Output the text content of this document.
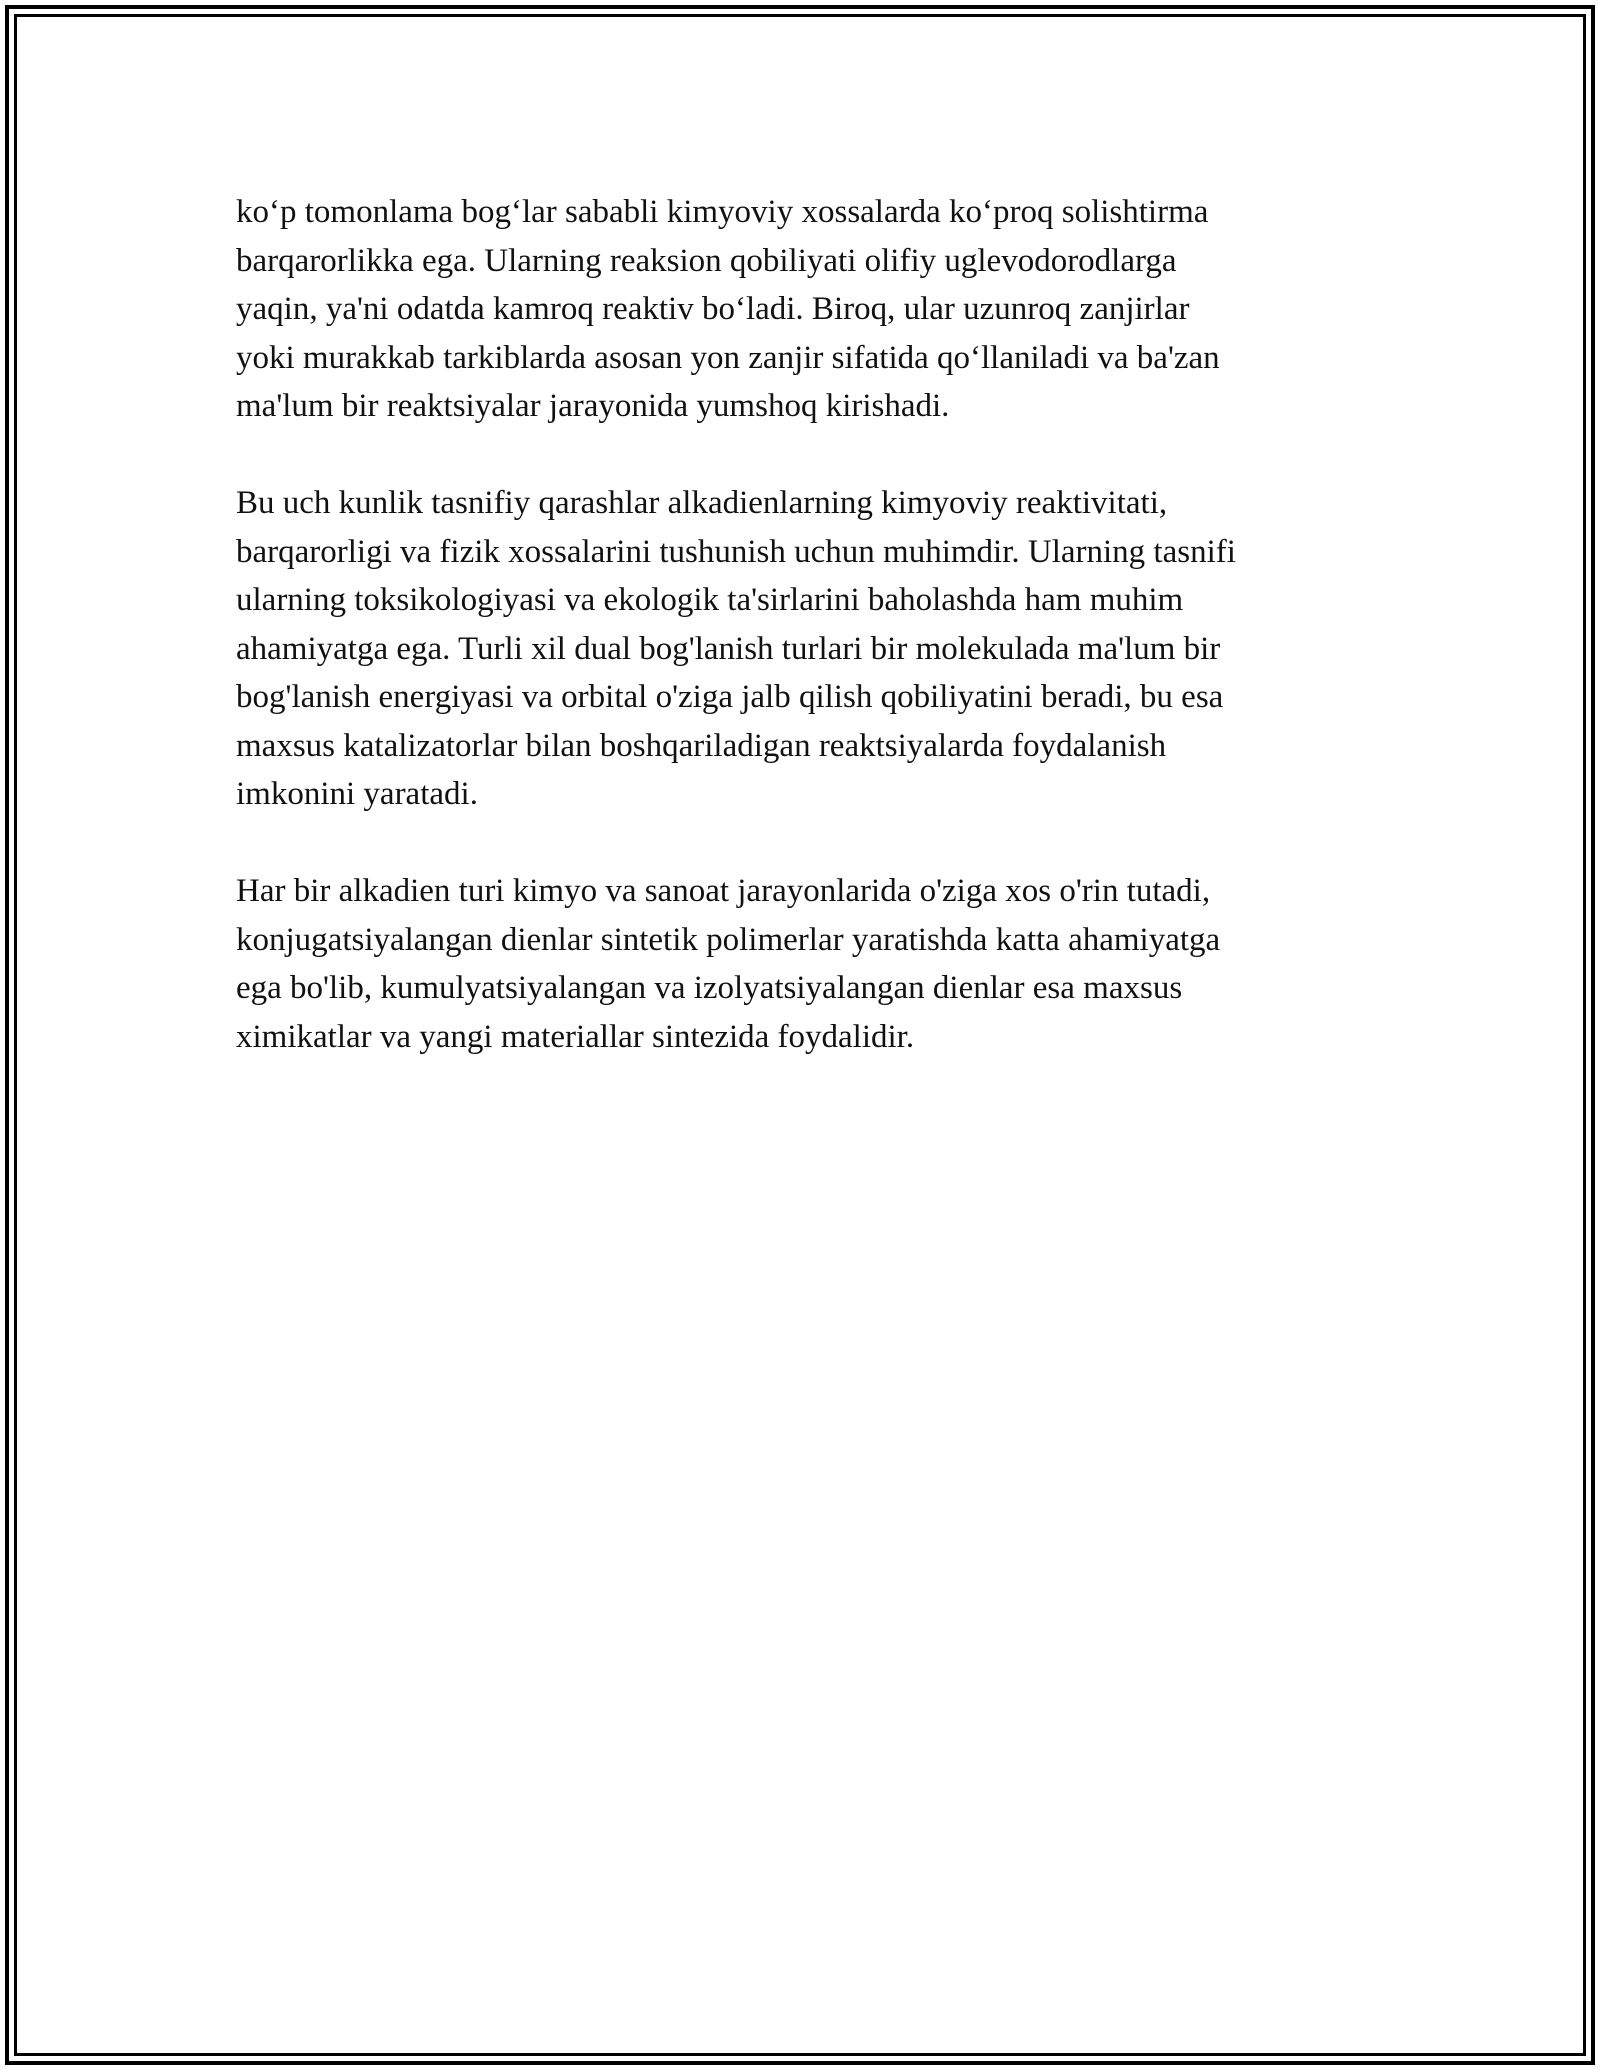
ko‘p tomonlama bog‘lar sababli kimyoviy xossalarda ko‘proq solishtirma
barqarorlikka ega. Ularning reaksion qobiliyati olifiy uglevodorodlarga
yaqin, ya'ni odatda kamroq reaktiv bo‘ladi. Biroq, ular uzunroq zanjirlar
yoki murakkab tarkiblarda asosan yon zanjir sifatida qo‘llaniladi va ba'zan
ma'lum bir reaktsiyalar jarayonida yumshoq kirishadi.

Bu uch kunlik tasnifiy qarashlar alkadienlarning kimyoviy reaktivitati,
barqarorligi va fizik xossalarini tushunish uchun muhimdir. Ularning tasnifi
ularning toksikologiyasi va ekologik ta'sirlarini baholashda ham muhim
ahamiyatga ega. Turli xil dual bog'lanish turlari bir molekulada ma'lum bir
bog'lanish energiyasi va orbital o'ziga jalb qilish qobiliyatini beradi, bu esa
maxsus katalizatorlar bilan boshqariladigan reaktsiyalarda foydalanish
imkonini yaratadi.

Har bir alkadien turi kimyo va sanoat jarayonlarida o'ziga xos o'rin tutadi,
konjugatsiyalangan dienlar sintetik polimerlar yaratishda katta ahamiyatga
ega bo'lib, kumulyatsiyalangan va izolyatsiyalangan dienlar esa maxsus
ximikatlar va yangi materiallar sintezida foydalidir.
